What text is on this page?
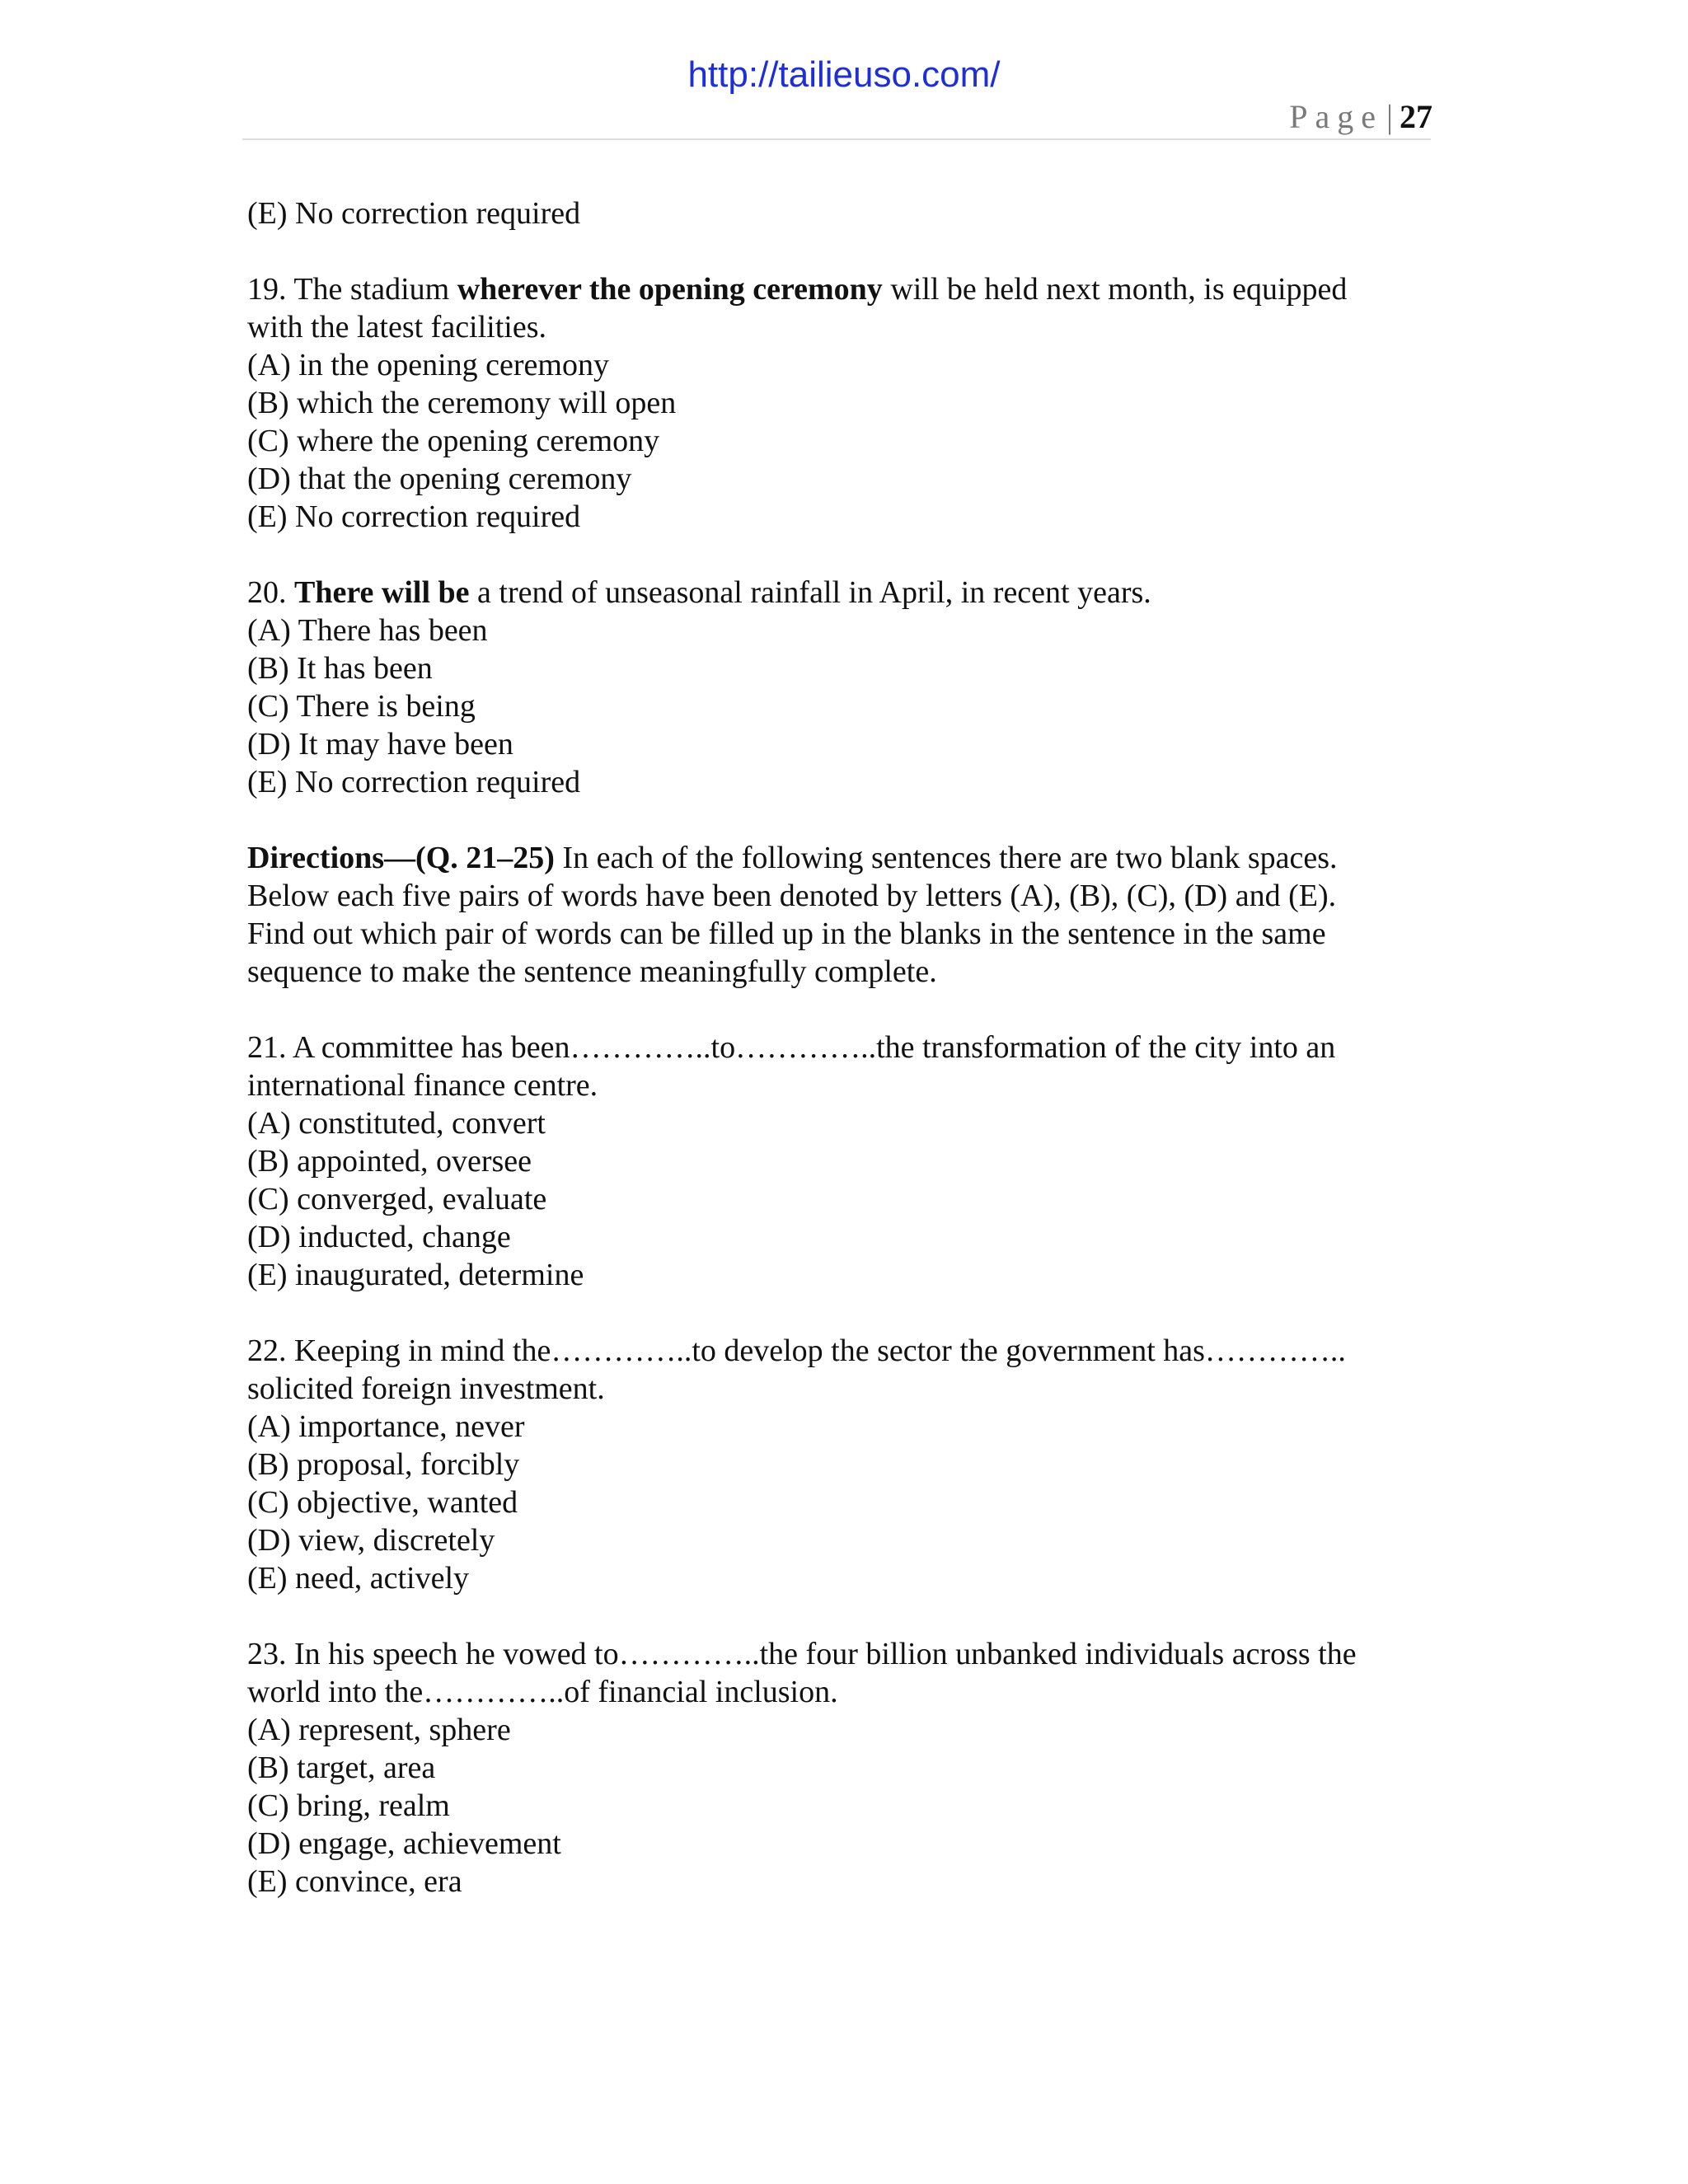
http://tailieuso.com/
Page | 27

(E) No correction required

19. The stadium wherever the opening ceremony will be held next month, is equipped

with the latest facilities.

(A) in the opening ceremony

(B) which the ceremony will open

(C) where the opening ceremony

(D) that the opening ceremony

(E) No correction required

20. There will be a trend of unseasonal rainfall in April, in recent years.

(A) There has been

(B) It has been

(C) There is being

(D) It may have been

(E) No correction required

Directions—(Q. 21–25) In each of the following sentences there are two blank spaces.

Below each five pairs of words have been denoted by letters (A), (B), (C), (D) and (E).

Find out which pair of words can be filled up in the blanks in the sentence in the same

sequence to make the sentence meaningfully complete.

21. A committee has been…………..to…………..the transformation of the city into an

international finance centre.

(A) constituted, convert

(B) appointed, oversee

(C) converged, evaluate

(D) inducted, change

(E) inaugurated, determine

22. Keeping in mind the…………..to develop the sector the government has…………..

solicited foreign investment.

(A) importance, never

(B) proposal, forcibly

(C) objective, wanted

(D) view, discretely

(E) need, actively

23. In his speech he vowed to…………..the four billion unbanked individuals across the

world into the…………..of financial inclusion.

(A) represent, sphere

(B) target, area

(C) bring, realm

(D) engage, achievement

(E) convince, era
